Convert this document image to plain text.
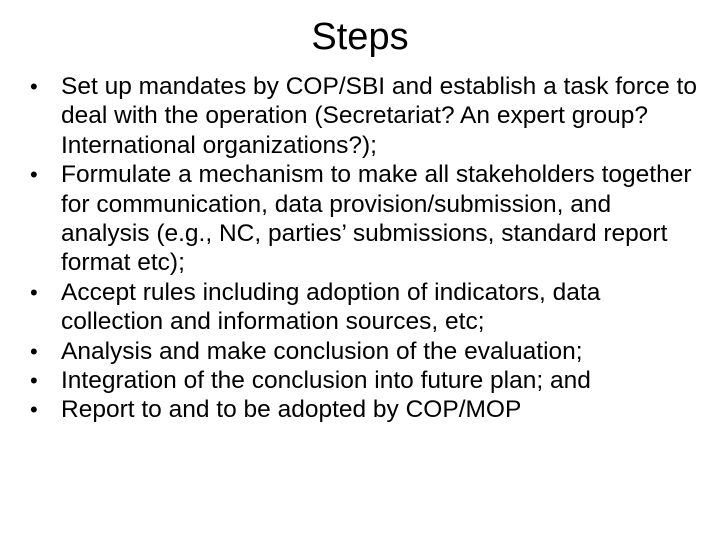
Steps
• Set up mandates by COP/SBI and establish a task force to deal with the operation (Secretariat? An expert group? International organizations?);
• Formulate a mechanism to make all stakeholders together for communication, data provision/submission, and analysis (e.g., NC, parties’ submissions, standard report format etc);
• Accept rules including adoption of indicators, data collection and information sources, etc;
• Analysis and make conclusion of the evaluation;
• Integration of the conclusion into future plan; and
• Report to and to be adopted by COP/MOP
